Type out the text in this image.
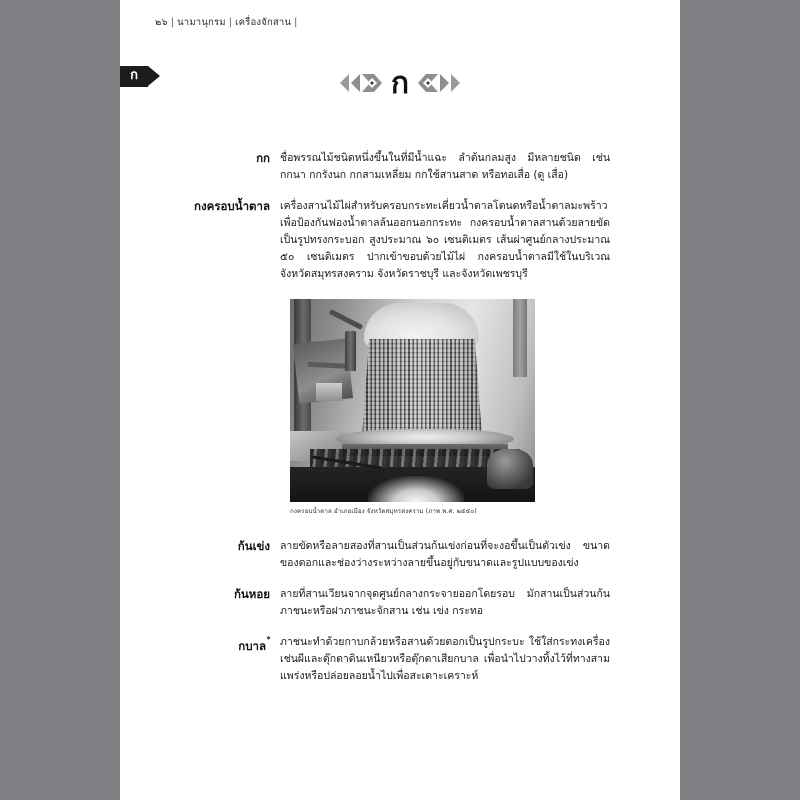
๒๖ | นามานุกรม | เครื่องจักสาน |
ก	ก
กก ชื่อพรรณไม้ชนิดหนึ่งขึ้นในที่มีน้ำแฉะ ลำต้นกลมสูง มีหลายชนิด เช่น กกนา กกรังนก กกสามเหลี่ยม กกใช้สานสาด หรือทอเสื่อ (ดู เสื่อ)
กงครอบน้ำตาล เครื่องสานไม้ไผ่สำหรับครอบกระทะเคี่ยวน้ำตาลโตนดหรือน้ำตาลมะพร้าว เพื่อป้องกันฟองน้ำตาลล้นออกนอกกระทะ กงครอบน้ำตาลสานด้วยลายขัด เป็นรูปทรงกระบอก สูงประมาณ ๖๐ เซนติเมตร เส้นผ่าศูนย์กลางประมาณ ๕๐ เซนติเมตร ปากเข้าขอบด้วยไม้ไผ่ กงครอบน้ำตาลมีใช้ในบริเวณจังหวัดสมุทรสงคราม จังหวัดราชบุรี และจังหวัดเพชรบุรี
กงครอบน้ำตาล อำเภอเมือง จังหวัดสมุทรสงคราม (ภาพ พ.ศ. ๒๕๕๐)
ก้นเข่ง ลายขัดหรือลายสองที่สานเป็นส่วนก้นเข่งก่อนที่จะงอขึ้นเป็นตัวเข่ง ขนาดของตอกและช่องว่างระหว่างลายขึ้นอยู่กับขนาดและรูปแบบของเข่ง
ก้นหอย ลายที่สานเวียนจากจุดศูนย์กลางกระจายออกโดยรอบ มักสานเป็นส่วนก้นภาชนะหรือฝาภาชนะจักสาน เช่น เข่ง กระทอ
กบาล* ภาชนะทำด้วยกาบกล้วยหรือสานด้วยตอกเป็นรูปกระบะ ใช้ใส่กระทงเครื่องเช่นผีและตุ๊กตาดินเหนียวหรือตุ๊กตาเสียกบาล เพื่อนำไปวางทิ้งไว้ที่ทางสามแพร่งหรือปล่อยลอยน้ำไปเพื่อสะเดาะเคราะห์
